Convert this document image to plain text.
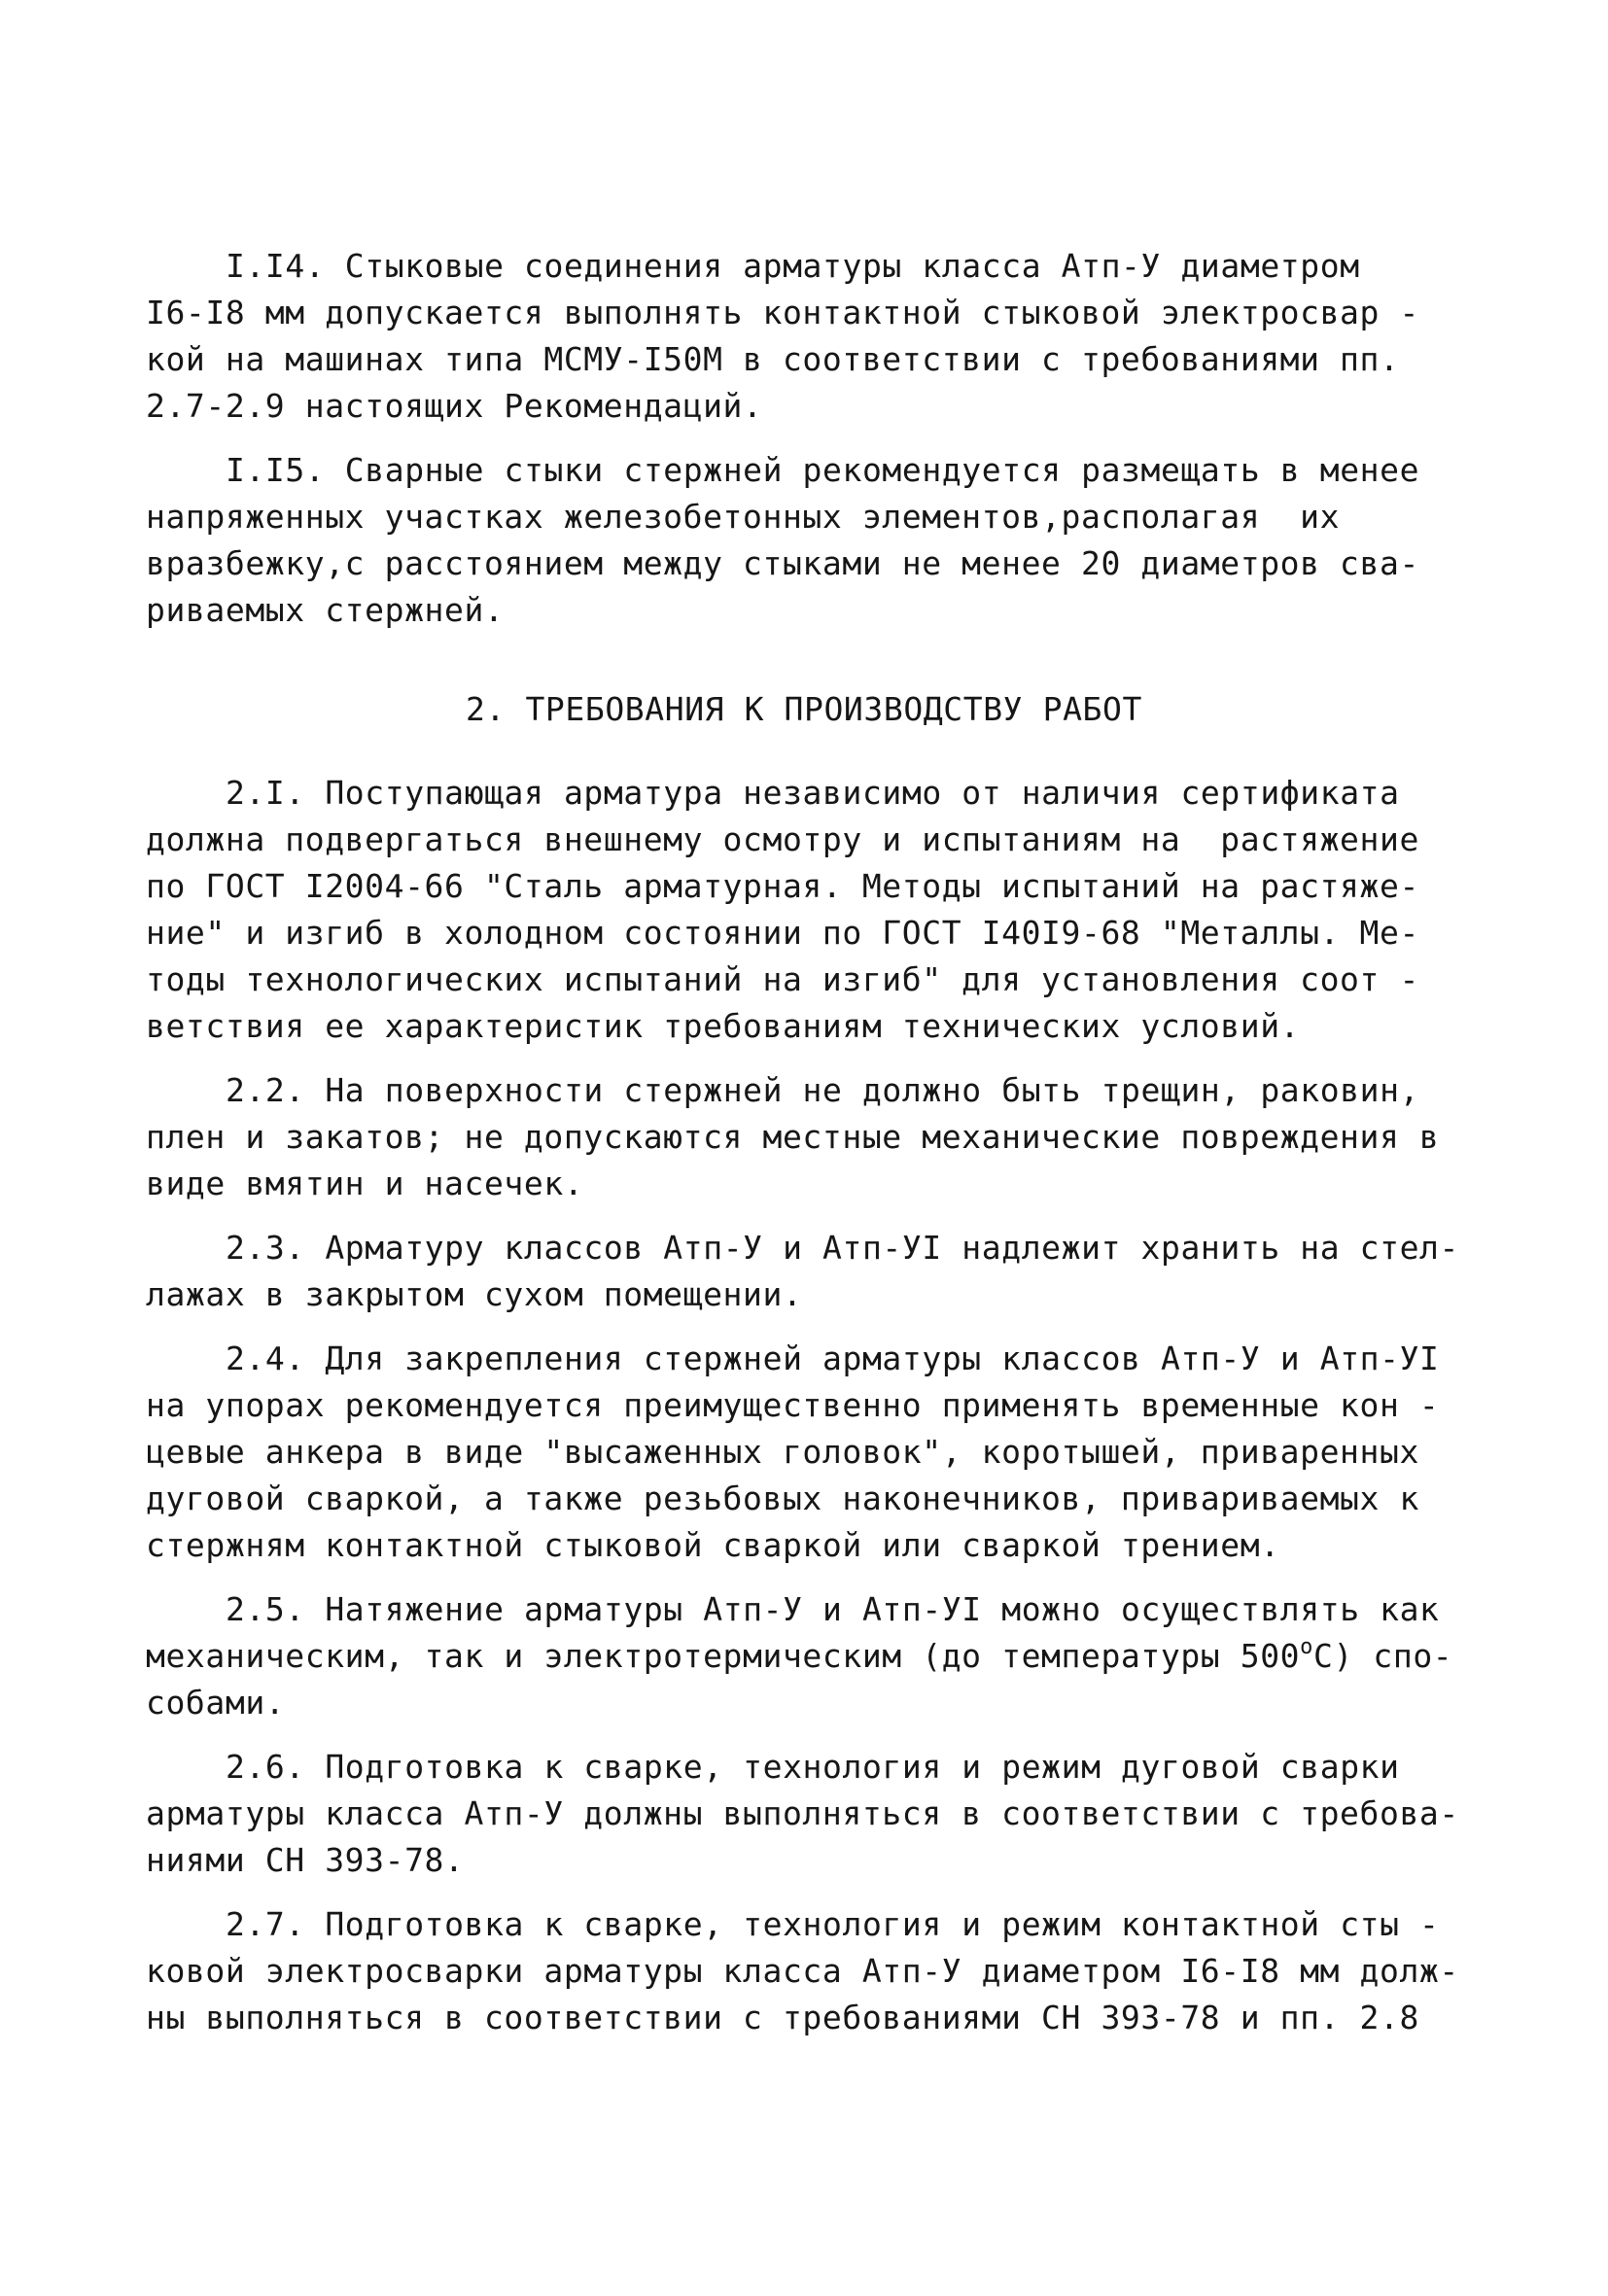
I.I4. Стыковые соединения арматуры класса Атп-У диаметром
I6-I8 мм допускается выполнять контактной стыковой электросвар -
кой на машинах типа МСМУ-I50М в соответствии с требованиями пп.
2.7-2.9 настоящих Рекомендаций.
I.I5. Сварные стыки стержней рекомендуется размещать в менее
напряженных участках железобетонных элементов,располагая  их
вразбежку,с расстоянием между стыками не менее 20 диаметров сва-
риваемых стержней.
2. ТРЕБОВАНИЯ К ПРОИЗВОДСТВУ РАБОТ
2.I. Поступающая арматура независимо от наличия сертификата
должна подвергаться внешнему осмотру и испытаниям на  растяжение
по ГОСТ I2004-66 "Сталь арматурная. Методы испытаний на растяже-
ние" и изгиб в холодном состоянии по ГОСТ I40I9-68 "Металлы. Ме-
тоды технологических испытаний на изгиб" для установления соот -
ветствия ее характеристик требованиям технических условий.
2.2. На поверхности стержней не должно быть трещин, раковин,
плен и закатов; не допускаются местные механические повреждения в
виде вмятин и насечек.
2.3. Арматуру классов Атп-У и Атп-УI надлежит хранить на стел-
лажах в закрытом сухом помещении.
2.4. Для закрепления стержней арматуры классов Атп-У и Атп-УI
на упорах рекомендуется преимущественно применять временные кон -
цевые анкера в виде "высаженных головок", коротышей, приваренных
дуговой сваркой, а также резьбовых наконечников, привариваемых к
стержням контактной стыковой сваркой или сваркой трением.
2.5. Натяжение арматуры Атп-У и Атп-УI можно осуществлять как
механическим, так и электротермическим (до температуры $500^оС$) спо-
собами.
2.6. Подготовка к сварке, технология и режим дуговой сварки
арматуры класса Атп-У должны выполняться в соответствии с требова-
ниями СН 393-78.
2.7. Подготовка к сварке, технология и режим контактной сты -
ковой электросварки арматуры класса Атп-У диаметром I6-I8 мм долж-
ны выполняться в соответствии с требованиями СН 393-78 и пп. 2.8
